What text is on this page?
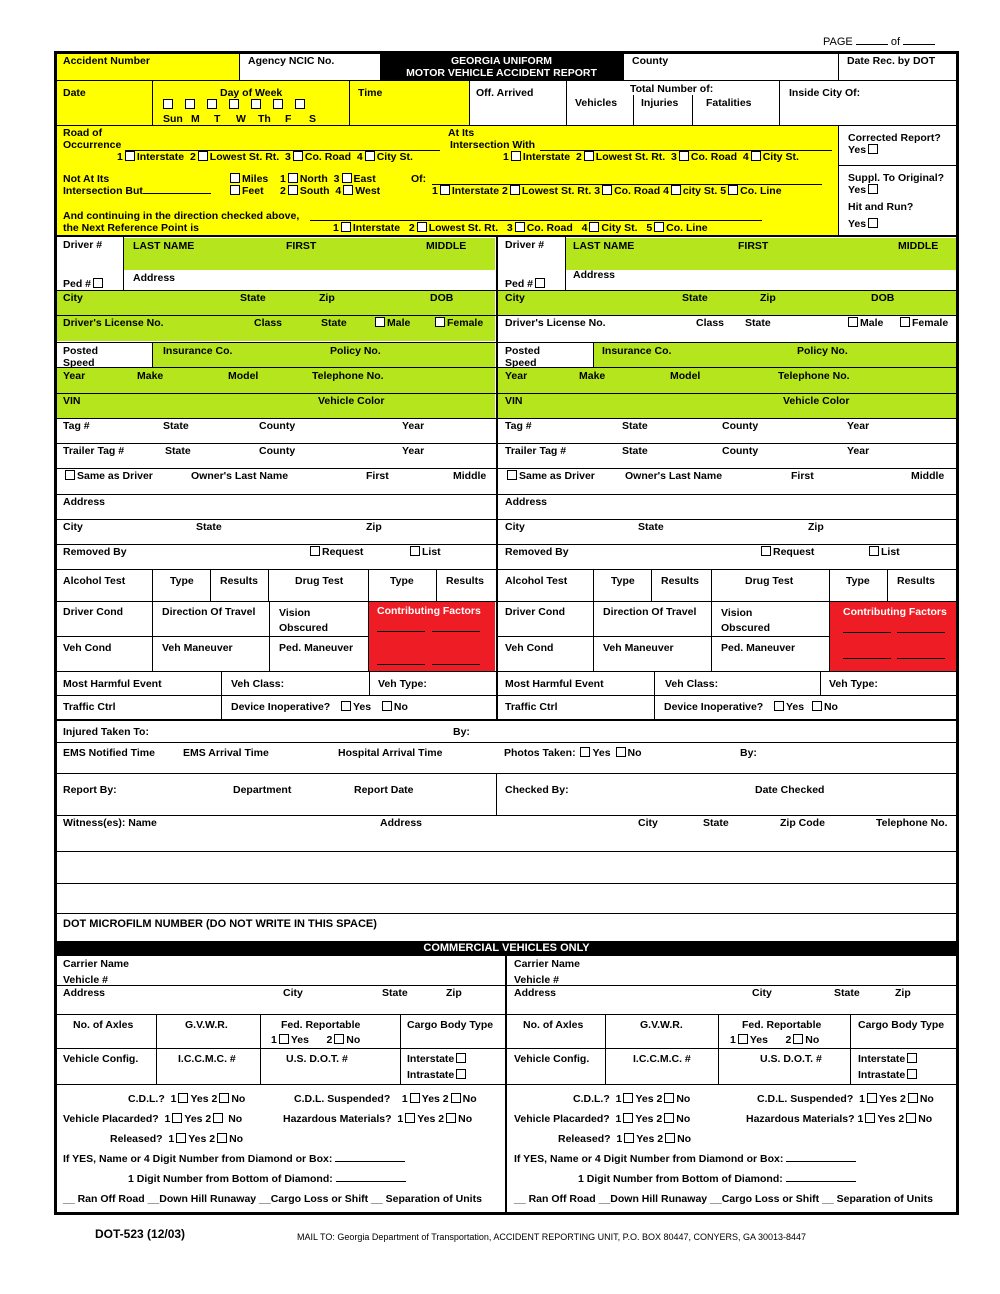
PAGE	of
Accident Number	Agency NCIC No.	GEORGIA UNIFORM
MOTOR VEHICLE ACCIDENT REPORT
County	Date Rec. by DOT
Date	Day of Week
Sun M T W Th F S
Time	Off. Arrived	Total Number of:
Vehicles Injuries	Fatalities
Inside City Of:
Road of
Occurrence
At Its
Intersection With
1 Interstate  2 Lowest St. Rt.  3 Co. Road  4 City St.	1 Interstate  2 Lowest St. Rt.  3 Co. Road  4 City St.
Not At Its
Intersection But
Miles
Feet
1 North  3 East
2 South  4 West
Of:
1 Interstate 2 Lowest St. Rt. 3 Co. Road 4 city St. 5 Co. Line
And continuing in the direction checked above,
the Next Reference Point is	1 Interstate   2 Lowest St. Rt.   3 Co. Road   4 City St.   5 Co. Line
Corrected Report?
Yes
Suppl. To Original?
Yes
Hit and Run?
Yes
Driver #	LAST NAME	FIRST	MIDDLE
Address
Ped #
City	State	Zip	DOB
Driver's License No.	Class	State	Male	Female
Posted
Speed
Insurance Co.	Policy No.
Year	Make	Model	Telephone No.
VIN	Vehicle Color
Tag #	State	County	Year
Trailer Tag #	State	County	Year
Same as Driver	Owner's Last Name	First	Middle
Address
City	State	Zip
Removed By	Request	List
Alcohol Test	Type	Results	Drug Test	Type	Results
Driver Cond	Direction Of Travel Vision
Obscured
Contributing Factors
Veh Cond	Veh Maneuver	Ped. Maneuver
Most Harmful Event	Veh Class:	Veh Type:
Traffic Ctrl	Device Inoperative? Yes No
Driver #	LAST NAME	FIRST	MIDDLE
Address
Ped #
City	State	Zip	DOB
Driver's License No.	Class State	Male	Female
Posted
Speed
Insurance Co.	Policy No.
Year	Make	Model	Telephone No.
VIN	Vehicle Color
Tag #	State	County	Year
Trailer Tag #	State	County	Year
Same as Driver	Owner's Last Name	First	Middle
Address
City	State	Zip
Removed By	Request	List
Alcohol Test	Type	Results	Drug Test	Type	Results
Driver Cond	Direction Of Travel Vision
Obscured
Contributing Factors
Veh Cond	Veh Maneuver	Ped. Maneuver
Most Harmful Event	Veh Class:	Veh Type:
Traffic Ctrl	Device Inoperative? Yes No
Injured Taken To:	By:
EMS Notified Time	EMS Arrival Time	Hospital Arrival Time	Photos Taken: Yes No	By:
Report By:	Department	Report Date	Checked By:	Date Checked
Witness(es): Name	Address	City	State	Zip Code	Telephone No.
DOT MICROFILM NUMBER (DO NOT WRITE IN THIS SPACE)
COMMERCIAL VEHICLES ONLY
Carrier Name
Vehicle #
Address	City	State	Zip
No. of Axles	G.V.W.R.	Fed. Reportable
1 Yes      2 No
Cargo Body Type
Vehicle Config.	I.C.C.M.C. #	U.S. D.O.T. #	Interstate
Intrastate
C.D.L.?  1 Yes 2 No	C.D.L. Suspended?    1 Yes 2 No
Vehicle Placarded?  1 Yes 2 No	Hazardous Materials?  1 Yes 2 No
Released?  1 Yes 2 No
If YES, Name or 4 Digit Number from Diamond or Box:
1 Digit Number from Bottom of Diamond:
__ Ran Off Road __Down Hill Runaway __Cargo Loss or Shift __ Separation of Units
Carrier Name
Vehicle #
Address	City	State	Zip
No. of Axles	G.V.W.R.	Fed. Reportable
1 Yes      2 No
Cargo Body Type
Vehicle Config.	I.C.C.M.C. #	U.S. D.O.T. #	Interstate
Intrastate
C.D.L.?  1 Yes 2 No	C.D.L. Suspended?  1 Yes 2 No
Vehicle Placarded?  1 Yes 2 No	Hazardous Materials? 1 Yes 2 No
Released?  1 Yes 2 No
If YES, Name or 4 Digit Number from Diamond or Box:
1 Digit Number from Bottom of Diamond:
__ Ran Off Road __Down Hill Runaway __Cargo Loss or Shift __ Separation of Units
DOT-523 (12/03)	MAIL TO: Georgia Department of Transportation, ACCIDENT REPORTING UNIT, P.O. BOX 80447, CONYERS, GA 30013-8447
